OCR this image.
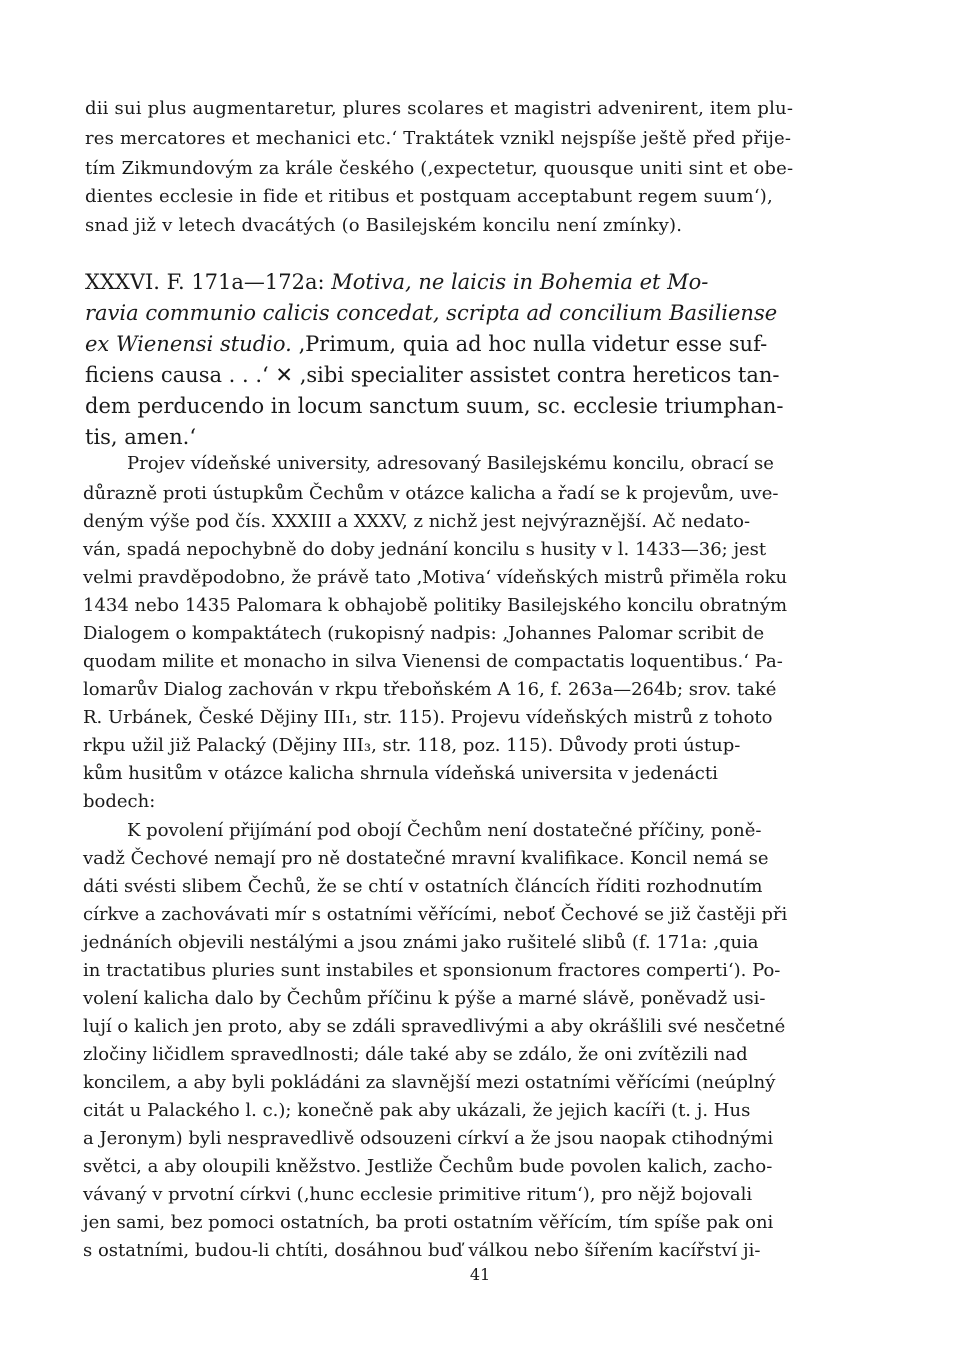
dii sui plus augmentaretur, plures scolares et magistri advenirent, item plu-
res mercatores et mechanici etc.‘ Traktátek vznikl nejspíše ještě před přije-
tím Zikmundovým za krále českého (‚expectetur, quousque uniti sint et obe-
dientes ecclesie in fide et ritibus et postquam acceptabunt regem suum‘),
snad již v letech dvacátých (o Basilejském koncilu není zmínky).
XXXVI. F. 171a—172a: Motiva, ne laicis in Bohemia et Mo-
ravia communio calicis concedat, scripta ad concilium Basiliense
ex Wienensi studio. ‚Primum, quia ad hoc nulla videtur esse suf-
ficiens causa . . .‘ ✕ ‚sibi specialiter assistet contra hereticos tan-
dem perducendo in locum sanctum suum, sc. ecclesie triumphan-
tis, amen.‘
Projev vídeňské university, adresovaný Basilejskému koncilu, obrací se
důrazně proti ústupkům Čechům v otázce kalicha a řadí se k projevům, uve-
deným výše pod čís. XXXIII a XXXV, z nichž jest nejvýraznější. Ač nedato-
ván, spadá nepochybně do doby jednání koncilu s husity v l. 1433—36; jest
velmi pravděpodobno, že právě tato ‚Motiva‘ vídeňských mistrů přiměla roku
1434 nebo 1435 Palomara k obhajobě politiky Basilejského koncilu obratným
Dialogem o kompaktátech (rukopisný nadpis: ‚Johannes Palomar scribit de
quodam milite et monacho in silva Vienensi de compactatis loquentibus.‘ Pa-
lomarův Dialog zachován v rkpu třeboňském A 16, f. 263a—264b; srov. také
R. Urbánek, České Dějiny III₁, str. 115). Projevu vídeňských mistrů z tohoto
rkpu užil již Palacký (Dějiny III₃, str. 118, poz. 115). Důvody proti ústup-
kům husitům v otázce kalicha shrnula vídeňská universita v jedenácti
bodech:
K povolení přijímání pod obojí Čechům není dostatečné příčiny, poně-
vadž Čechové nemají pro ně dostatečné mravní kvalifikace. Koncil nemá se
dáti svésti slibem Čechů, že se chtí v ostatních článcích říditi rozhodnutím
církve a zachovávati mír s ostatními věřícími, neboť Čechové se již častěji při
jednáních objevili nestálými a jsou známi jako rušitelé slibů (f. 171a: ‚quia
in tractatibus pluries sunt instabiles et sponsionum fractores comperti‘). Po-
volení kalicha dalo by Čechům příčinu k pýše a marné slávě, poněvadž usi-
lují o kalich jen proto, aby se zdáli spravedlivými a aby okrášlili své nesčetné
zločiny ličidlem spravedlnosti; dále také aby se zdálo, že oni zvítězili nad
koncilem, a aby byli pokládáni za slavnější mezi ostatními věřícími (neúplný
citát u Palackého l. c.); konečně pak aby ukázali, že jejich kacíři (t. j. Hus
a Jeronym) byli nespravedlivě odsouzeni církví a že jsou naopak ctihodnými
světci, a aby oloupili kněžstvo. Jestliže Čechům bude povolen kalich, zacho-
vávaný v prvotní církvi (‚hunc ecclesie primitive ritum‘), pro nějž bojovali
jen sami, bez pomoci ostatních, ba proti ostatním věřícím, tím spíše pak oni
s ostatními, budou-li chtíti, dosáhnou buď válkou nebo šířením kacířství ji-
41
